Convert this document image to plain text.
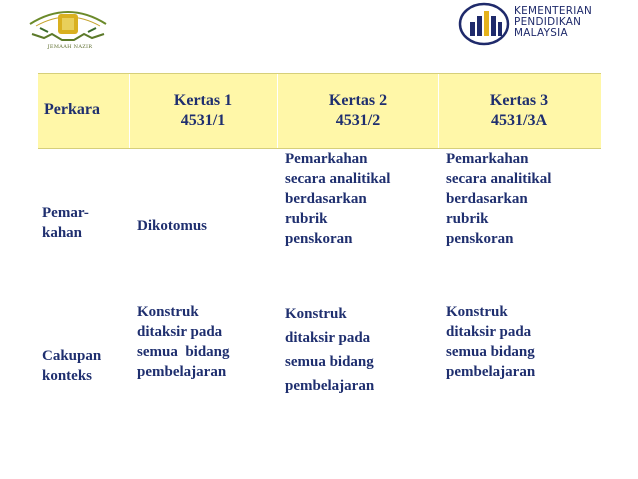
JEMAAH NAZIR
KEMENTERIAN
PENDIDIKAN
MALAYSIA
Perkara
Kertas 1
4531/1
Kertas 2
4531/2
Kertas 3
4531/3A
Pemar-
kahan	Dikotomus
Pemarkahan
secara analitikal
berdasarkan
rubrik
penskoran
Pemarkahan
secara analitikal
berdasarkan
rubrik
penskoran
Cakupan
konteks
Konstruk
ditaksir pada
semua  bidang
pembelajaran
Konstruk
ditaksir pada
semua bidang
pembelajaran
Konstruk
ditaksir pada
semua bidang
pembelajaran
